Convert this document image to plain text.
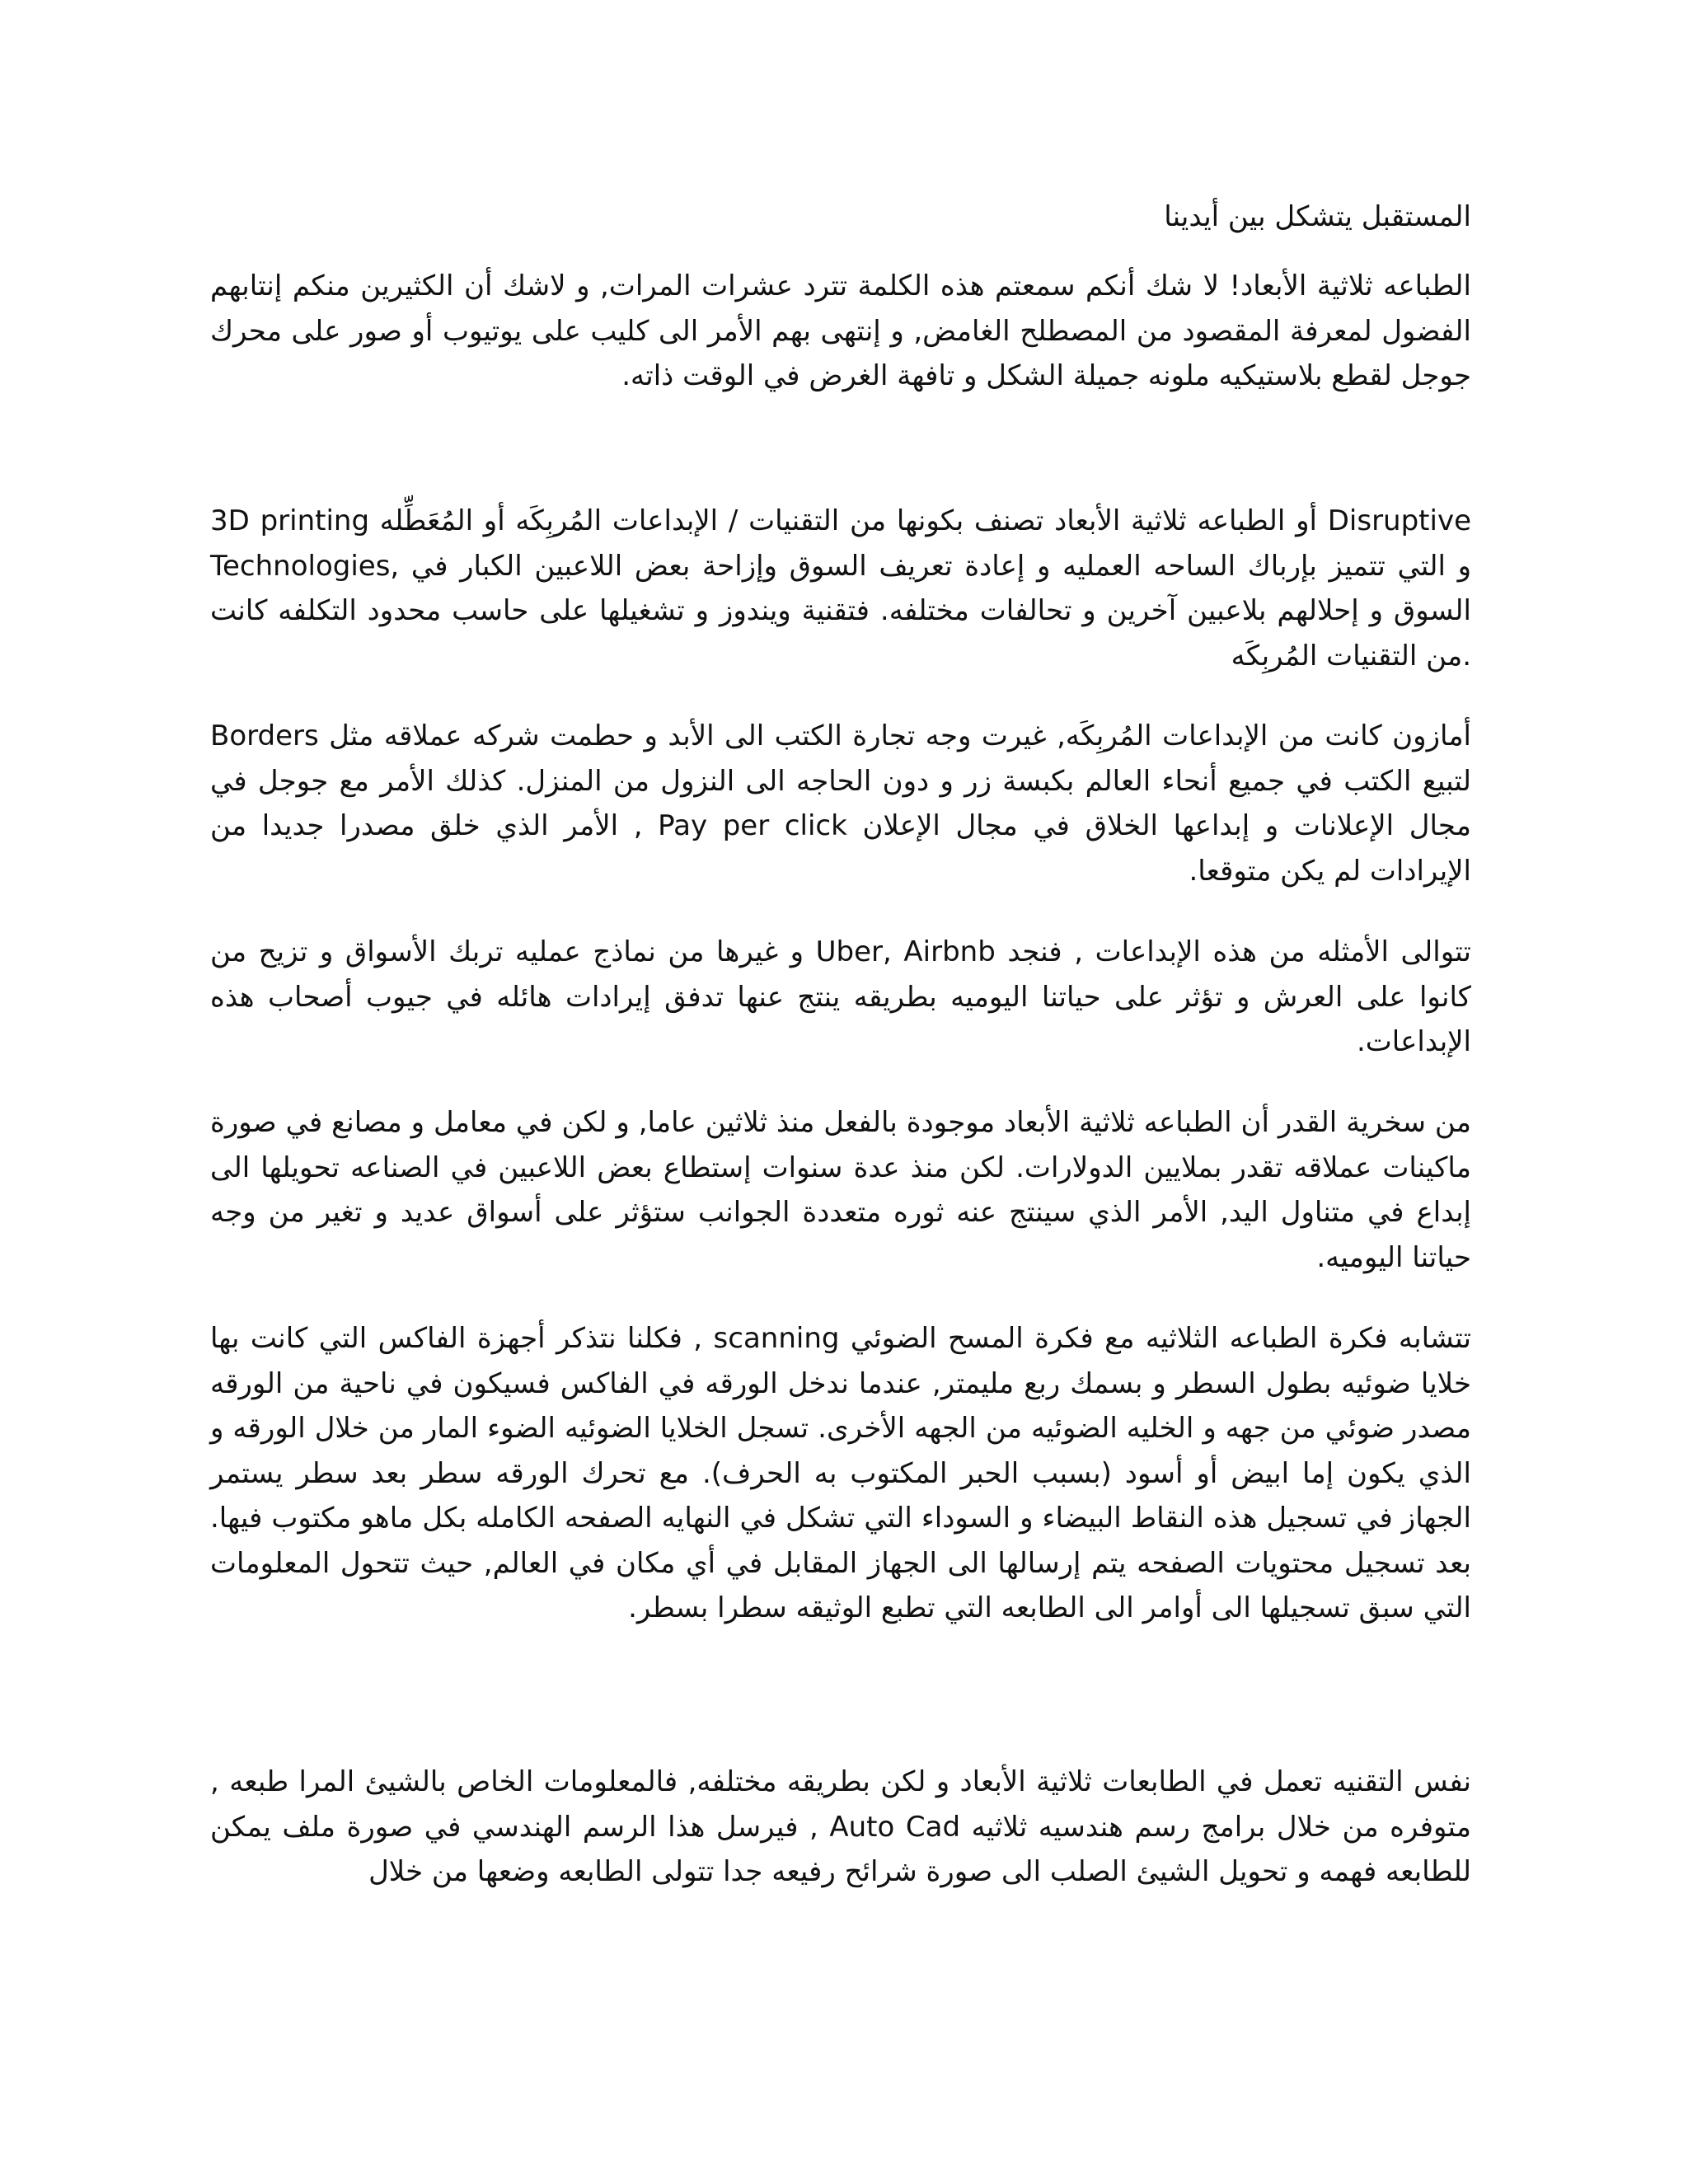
المستقبل يتشكل بين أيدينا
الطباعه ثلاثية الأبعاد! لا شك أنكم سمعتم هذه الكلمة تترد عشرات المرات, و لاشك أن الكثيرين منكم إنتابهم الفضول لمعرفة المقصود من المصطلح الغامض, و إنتهى بهم الأمر الى كليب على يوتيوب أو صور على محرك جوجل لقطع بلاستيكيه ملونه جميلة الشكل و تافهة الغرض في الوقت ذاته.
3D printing أو الطباعه ثلاثية الأبعاد تصنف بكونها من التقنيات / الإبداعات المُربِكَه أو المُعَطِّله Disruptive Technologies, و التي تتميز بإرباك الساحه العمليه و إعادة تعريف السوق وإزاحة بعض اللاعبين الكبار في السوق و إحلالهم بلاعبين آخرين و تحالفات مختلفه. فتقنية ويندوز و تشغيلها على حاسب محدود التكلفه كانت من التقنيات المُربِكَه.
أمازون كانت من الإبداعات المُربِكَه, غيرت وجه تجارة الكتب الى الأبد و حطمت شركه عملاقه مثل Borders لتبيع الكتب في جميع أنحاء العالم بكبسة زر و دون الحاجه الى النزول من المنزل. كذلك الأمر مع جوجل في مجال الإعلانات و إبداعها الخلاق في مجال الإعلان Pay per click , الأمر الذي خلق مصدرا جديدا من الإيرادات لم يكن متوقعا.
تتوالى الأمثله من هذه الإبداعات , فنجد Uber, Airbnb و غيرها من نماذج عمليه تربك الأسواق و تزيح من كانوا على العرش و تؤثر على حياتنا اليوميه بطريقه ينتج عنها تدفق إيرادات هائله في جيوب أصحاب هذه الإبداعات.
من سخرية القدر أن الطباعه ثلاثية الأبعاد موجودة بالفعل منذ ثلاثين عاما, و لكن في معامل و مصانع في صورة ماكينات عملاقه تقدر بملايين الدولارات. لكن منذ عدة سنوات إستطاع بعض اللاعبين في الصناعه تحويلها الى إبداع في متناول اليد, الأمر الذي سينتج عنه ثوره متعددة الجوانب ستؤثر على أسواق عديد و تغير من وجه حياتنا اليوميه.
تتشابه فكرة الطباعه الثلاثيه مع فكرة المسح الضوئي scanning , فكلنا نتذكر أجهزة الفاكس التي كانت بها خلايا ضوئيه بطول السطر و بسمك ربع مليمتر, عندما ندخل الورقه في الفاكس فسيكون في ناحية من الورقه مصدر ضوئي من جهه و الخليه الضوئيه من الجهه الأخرى. تسجل الخلايا الضوئيه الضوء المار من خلال الورقه و الذي يكون إما ابيض أو أسود (بسبب الحبر المكتوب به الحرف). مع تحرك الورقه سطر بعد سطر يستمر الجهاز في تسجيل هذه النقاط البيضاء و السوداء التي تشكل في النهايه الصفحه الكامله بكل ماهو مكتوب فيها. بعد تسجيل محتويات الصفحه يتم إرسالها الى الجهاز المقابل في أي مكان في العالم, حيث تتحول المعلومات التي سبق تسجيلها الى أوامر الى الطابعه التي تطبع الوثيقه سطرا بسطر.
نفس التقنيه تعمل في الطابعات ثلاثية الأبعاد و لكن بطريقه مختلفه, فالمعلومات الخاص بالشيئ المرا طبعه , متوفره من خلال برامج رسم هندسيه ثلاثيه Auto Cad , فيرسل هذا الرسم الهندسي في صورة ملف يمكن للطابعه فهمه و تحويل الشيئ الصلب الى صورة شرائح رفيعه جدا تتولى الطابعه وضعها من خلال
